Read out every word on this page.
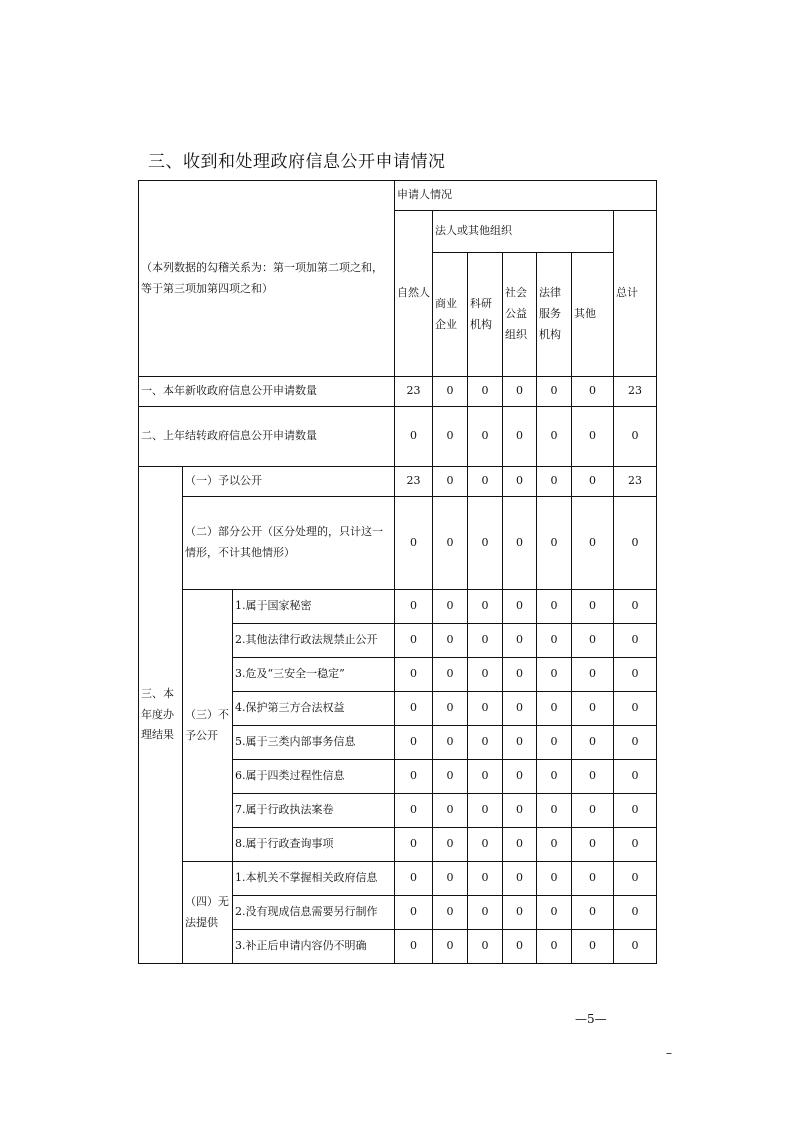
三、收到和处理政府信息公开申请情况
（本列数据的勾稽关系为：第一项加第二项之和，等于第三项加第四项之和）			申请人情况						
			自然人	法人或其他组织					总计
				商业企业	科研机构	社会公益组织	法律服务机构	其他	
一、本年新收政府信息公开申请数量			23	0	0	0	0	0	23
二、上年结转政府信息公开申请数量			0	0	0	0	0	0	0
三、本年度办理结果	（一）予以公开		23	0	0	0	0	0	23
	（二）部分公开（区分处理的，只计这一情形，不计其他情形）		0	0	0	0	0	0	0
	（三）不予公开	1.属于国家秘密	0	0	0	0	0	0	0
		2.其他法律行政法规禁止公开	0	0	0	0	0	0	0
		3.危及“三安全一稳定”	0	0	0	0	0	0	0
		4.保护第三方合法权益	0	0	0	0	0	0	0
		5.属于三类内部事务信息	0	0	0	0	0	0	0
		6.属于四类过程性信息	0	0	0	0	0	0	0
		7.属于行政执法案卷	0	0	0	0	0	0	0
		8.属于行政查询事项	0	0	0	0	0	0	0
	（四）无法提供	1.本机关不掌握相关政府信息	0	0	0	0	0	0	0
		2.没有现成信息需要另行制作	0	0	0	0	0	0	0
		3.补正后申请内容仍不明确	0	0	0	0	0	0	0
—5—
–
